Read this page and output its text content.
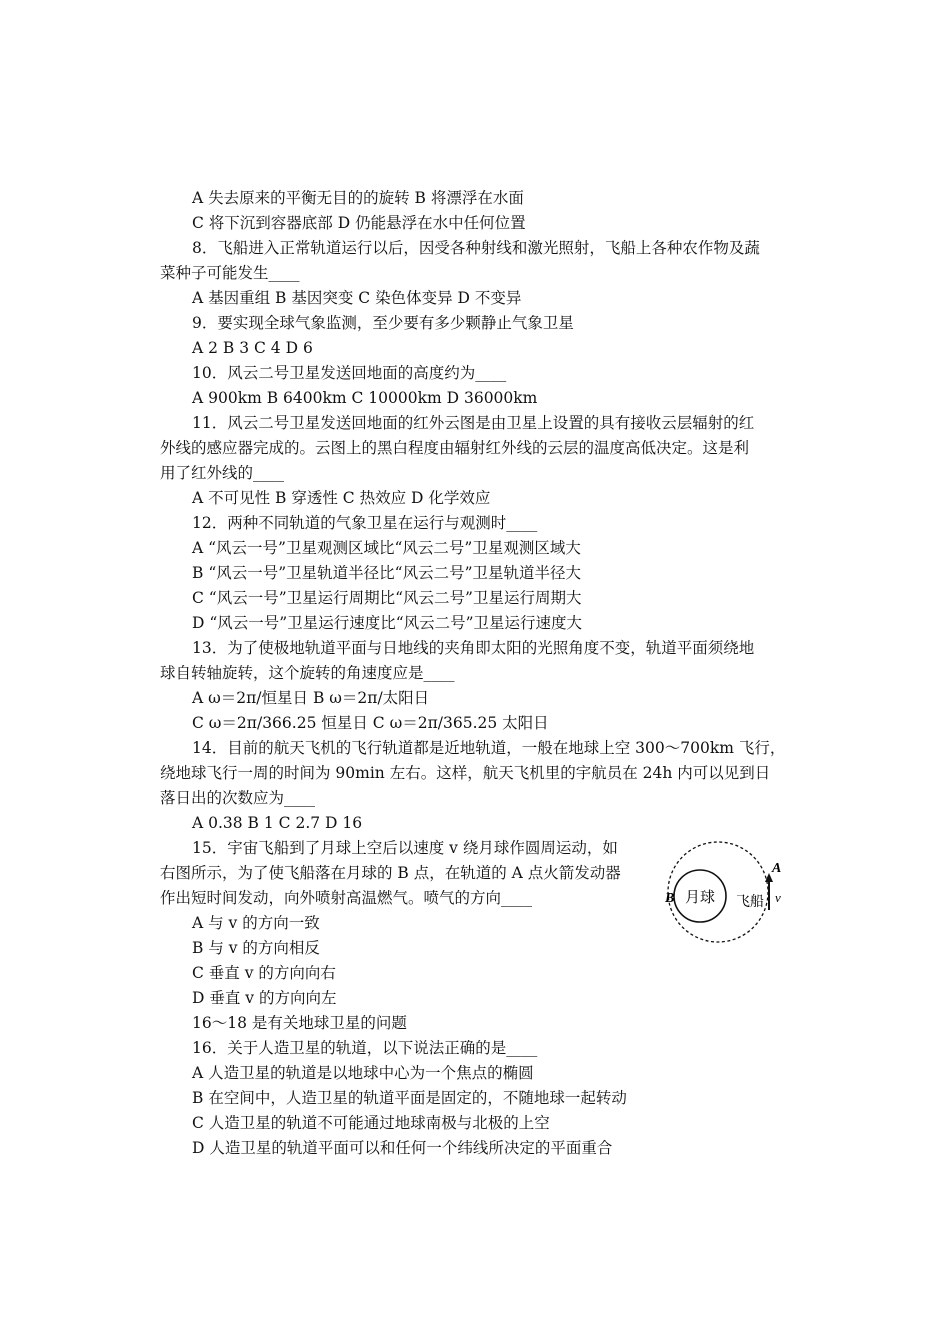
A 失去原来的平衡无目的的旋转 B 将漂浮在水面
C 将下沉到容器底部 D 仍能悬浮在水中任何位置
8．飞船进入正常轨道运行以后，因受各种射线和激光照射，飞船上各种农作物及蔬
菜种子可能发生____
A 基因重组 B 基因突变 C 染色体变异 D 不变异
9．要实现全球气象监测，至少要有多少颗静止气象卫星
A 2 B 3 C 4 D 6
10．风云二号卫星发送回地面的高度约为____
A 900km B 6400km C 10000km D 36000km
11．风云二号卫星发送回地面的红外云图是由卫星上设置的具有接收云层辐射的红
外线的感应器完成的。云图上的黑白程度由辐射红外线的云层的温度高低决定。这是利
用了红外线的____
A 不可见性 B 穿透性 C 热效应 D 化学效应
12．两种不同轨道的气象卫星在运行与观测时____
A “风云一号”卫星观测区域比“风云二号”卫星观测区域大
B “风云一号”卫星轨道半径比“风云二号”卫星轨道半径大
C “风云一号”卫星运行周期比“风云二号”卫星运行周期大
D “风云一号”卫星运行速度比“风云二号”卫星运行速度大
13．为了使极地轨道平面与日地线的夹角即太阳的光照角度不变，轨道平面须绕地
球自转轴旋转，这个旋转的角速度应是____
A ω＝2π/恒星日 B ω＝2π/太阳日
C ω＝2π/366.25 恒星日 C ω＝2π/365.25 太阳日
14．目前的航天飞机的飞行轨道都是近地轨道，一般在地球上空 300～700km 飞行，
绕地球飞行一周的时间为 90min 左右。这样，航天飞机里的宇航员在 24h 内可以见到日
落日出的次数应为____
A 0.38 B 1 C 2.7 D 16
15．宇宙飞船到了月球上空后以速度 v 绕月球作圆周运动，如
右图所示，为了使飞船落在月球的 B 点，在轨道的 A 点火箭发动器
作出短时间发动，向外喷射高温燃气。喷气的方向____
A 与 v 的方向一致
B 与 v 的方向相反
C 垂直 v 的方向向右
D 垂直 v 的方向向左
16～18 是有关地球卫星的问题
16．关于人造卫星的轨道，以下说法正确的是____
A 人造卫星的轨道是以地球中心为一个焦点的椭圆
B 在空间中，人造卫星的轨道平面是固定的，不随地球一起转动
C 人造卫星的轨道不可能通过地球南极与北极的上空
D 人造卫星的轨道平面可以和任何一个纬线所决定的平面重合
月球
B	飞船
A
v
